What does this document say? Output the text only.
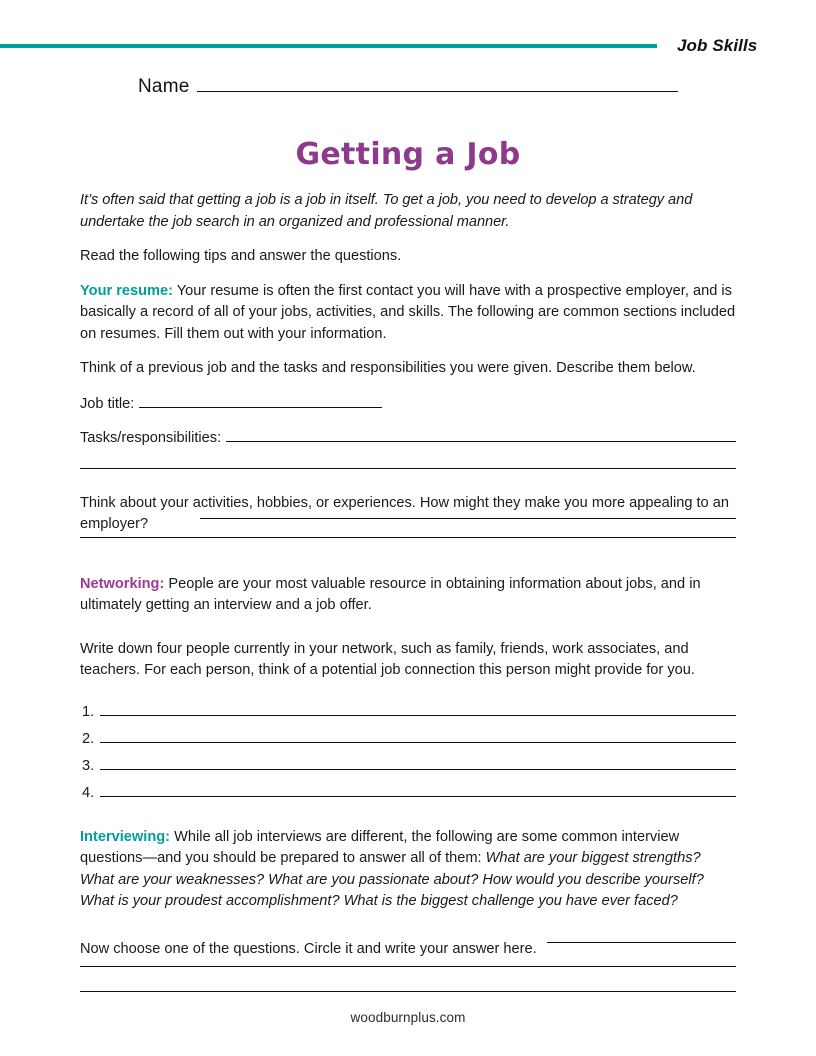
Job Skills
Name
Getting a Job

It’s often said that getting a job is a job in itself. To get a job, you need to develop a strategy and undertake the job search in an organized and professional manner.

Read the following tips and answer the questions.

Your resume: Your resume is often the first contact you will have with a prospective employer, and is basically a record of all of your jobs, activities, and skills. The following are common sections included on resumes. Fill them out with your information.

Think of a previous job and the tasks and responsibilities you were given. Describe them below.

Job title:
Tasks/responsibilities:

Think about your activities, hobbies, or experiences. How might they make you more appealing to an employer?

Networking: People are your most valuable resource in obtaining information about jobs, and in ultimately getting an interview and a job offer.

Write down four people currently in your network, such as family, friends, work associates, and teachers. For each person, think of a potential job connection this person might provide for you.

1.
2.
3.
4.

Interviewing: While all job interviews are different, the following are some common interview questions—and you should be prepared to answer all of them: What are your biggest strengths? What are your weaknesses? What are you passionate about? How would you describe yourself? What is your proudest accomplishment? What is the biggest challenge you have ever faced?

Now choose one of the questions. Circle it and write your answer here.

woodburnplus.com
